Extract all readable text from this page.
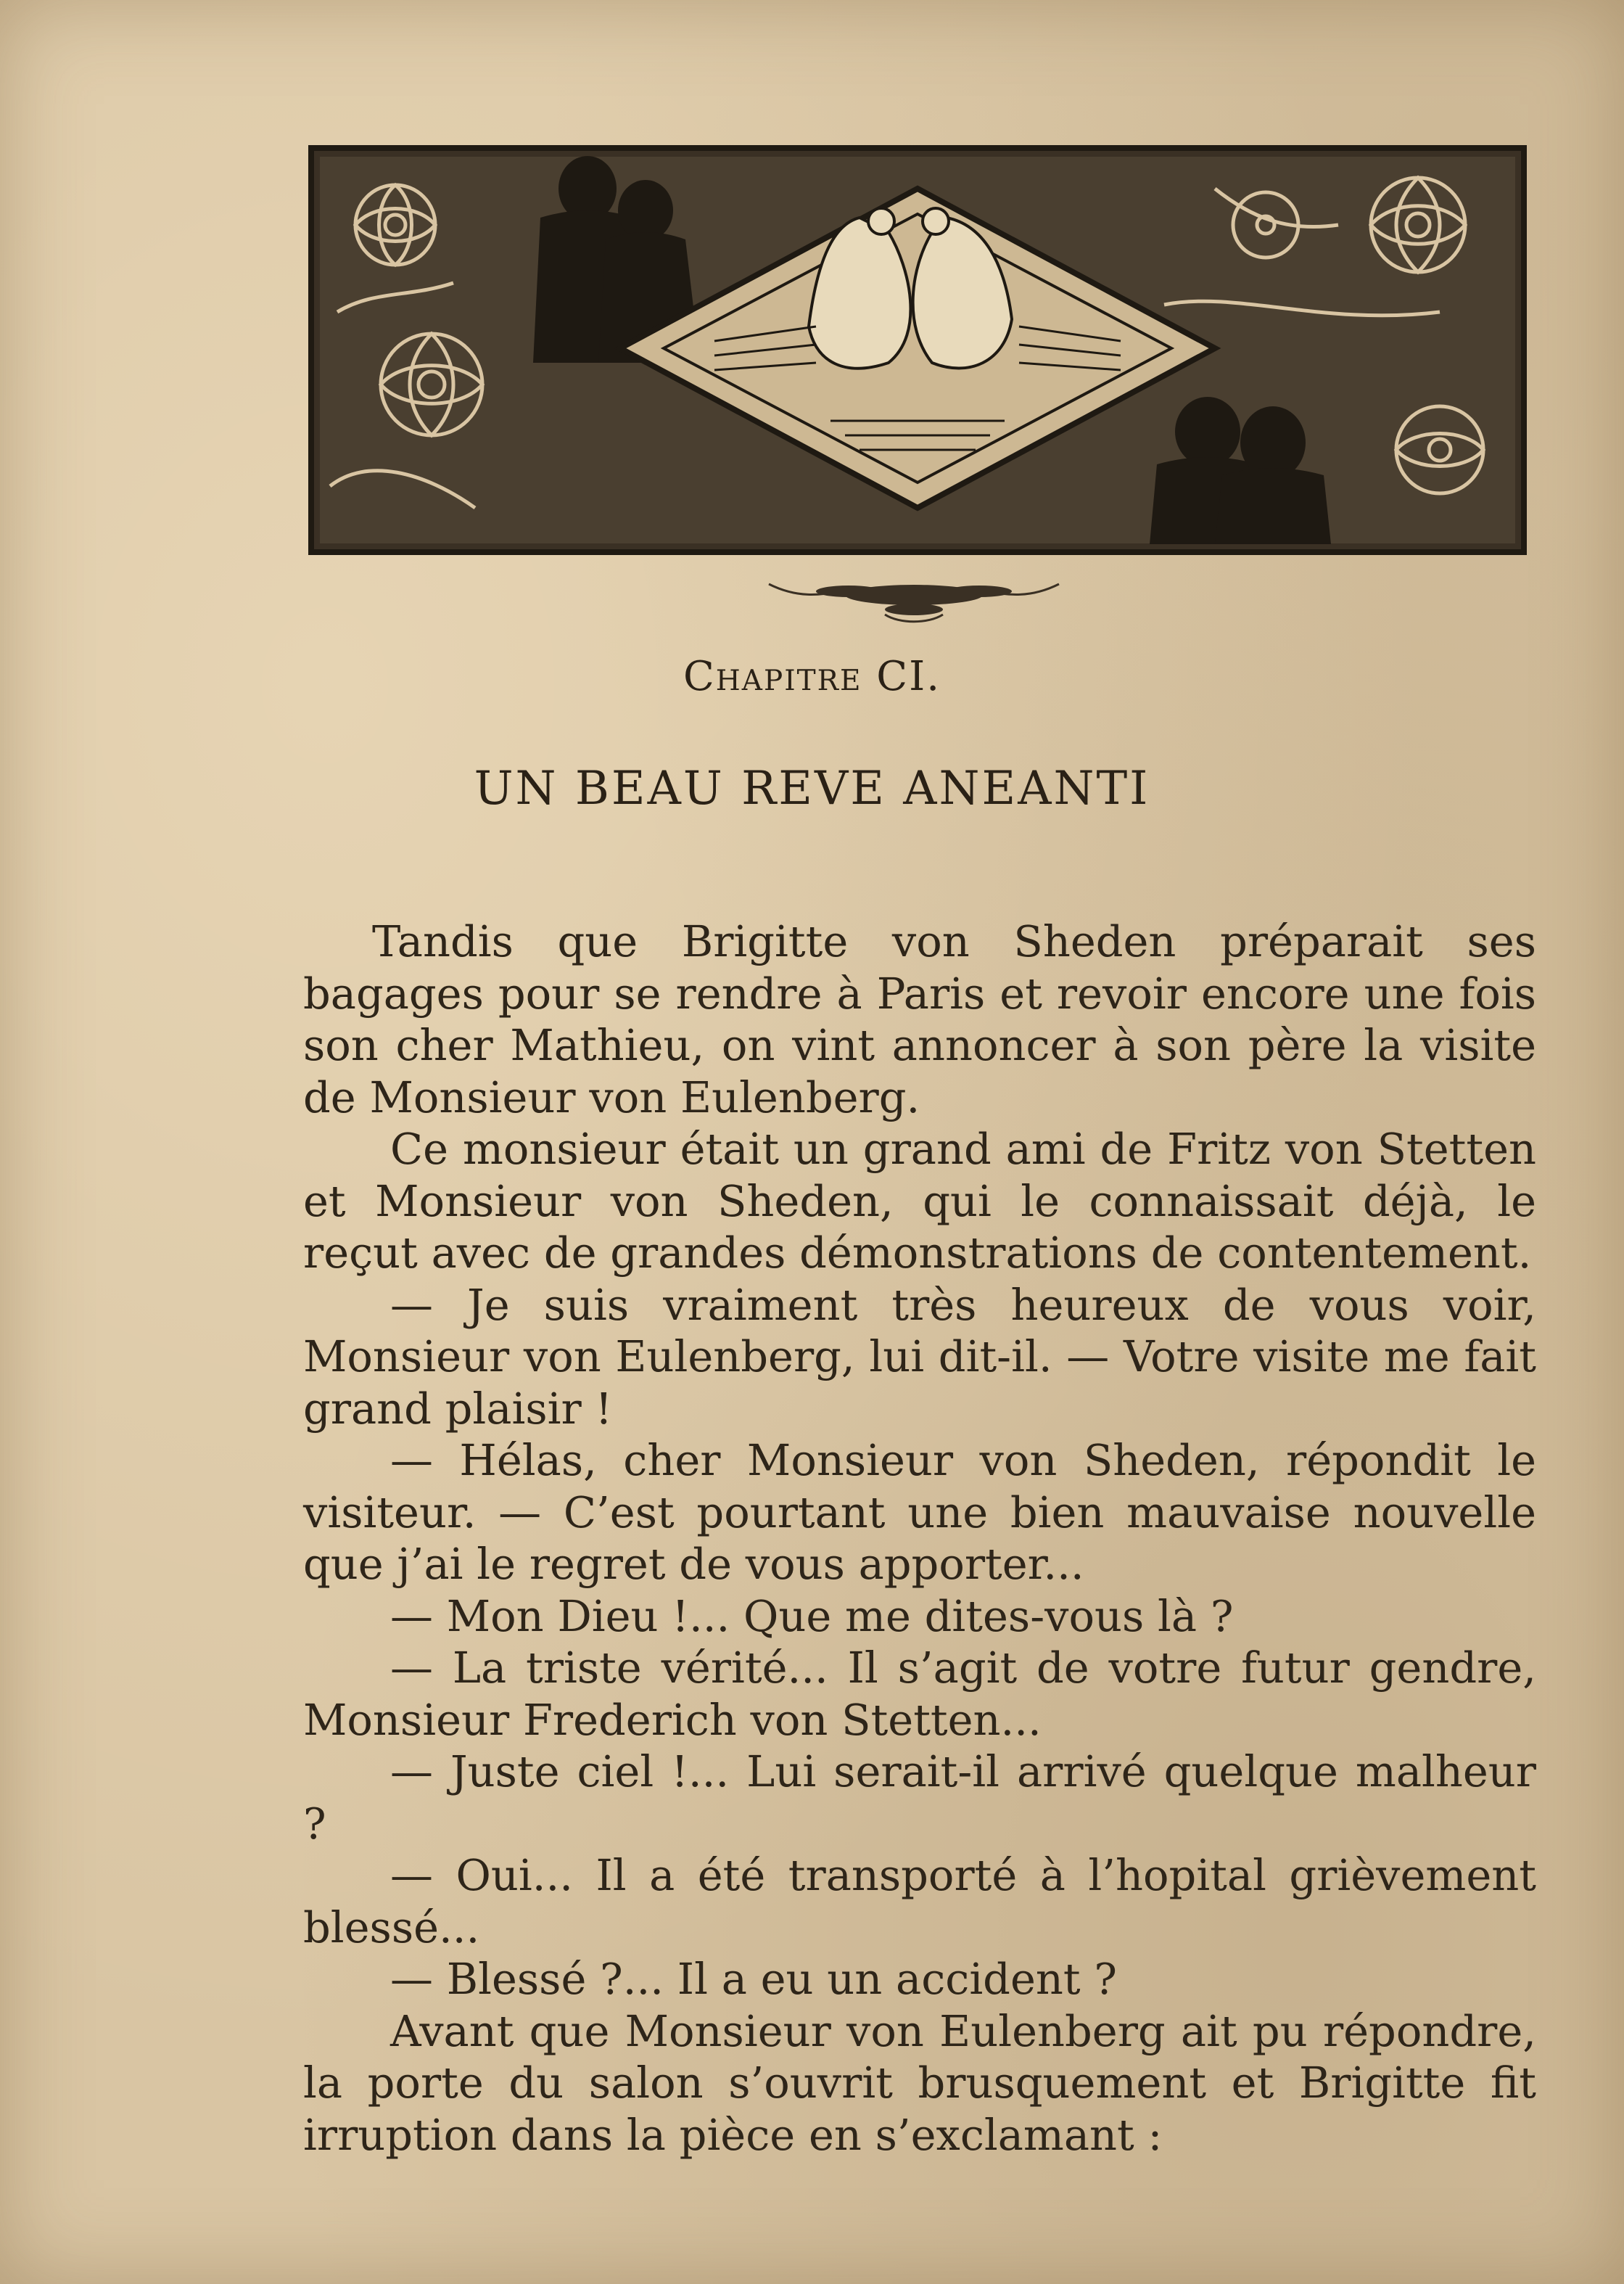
Chapitre CI.
UN BEAU REVE ANEANTI

Tandis que Brigitte von Sheden préparait ses bagages pour se rendre à Paris et revoir encore une fois son cher Mathieu, on vint annoncer à son père la visite de Monsieur von Eulenberg.

Ce monsieur était un grand ami de Fritz von Stetten et Monsieur von Sheden, qui le connaissait déjà, le reçut avec de grandes démonstrations de contentement.

— Je suis vraiment très heureux de vous voir, Monsieur von Eulenberg, lui dit-il. — Votre visite me fait grand plaisir !

— Hélas, cher Monsieur von Sheden, répondit le visiteur. — C’est pourtant une bien mauvaise nouvelle que j’ai le regret de vous apporter...

— Mon Dieu !... Que me dites-vous là ?

— La triste vérité... Il s’agit de votre futur gendre, Monsieur Frederich von Stetten...

— Juste ciel !... Lui serait-il arrivé quelque malheur ?

— Oui... Il a été transporté à l’hopital grièvement blessé...

— Blessé ?... Il a eu un accident ?

Avant que Monsieur von Eulenberg ait pu répondre, la porte du salon s’ouvrit brusquement et Brigitte fit irruption dans la pièce en s’exclamant :
